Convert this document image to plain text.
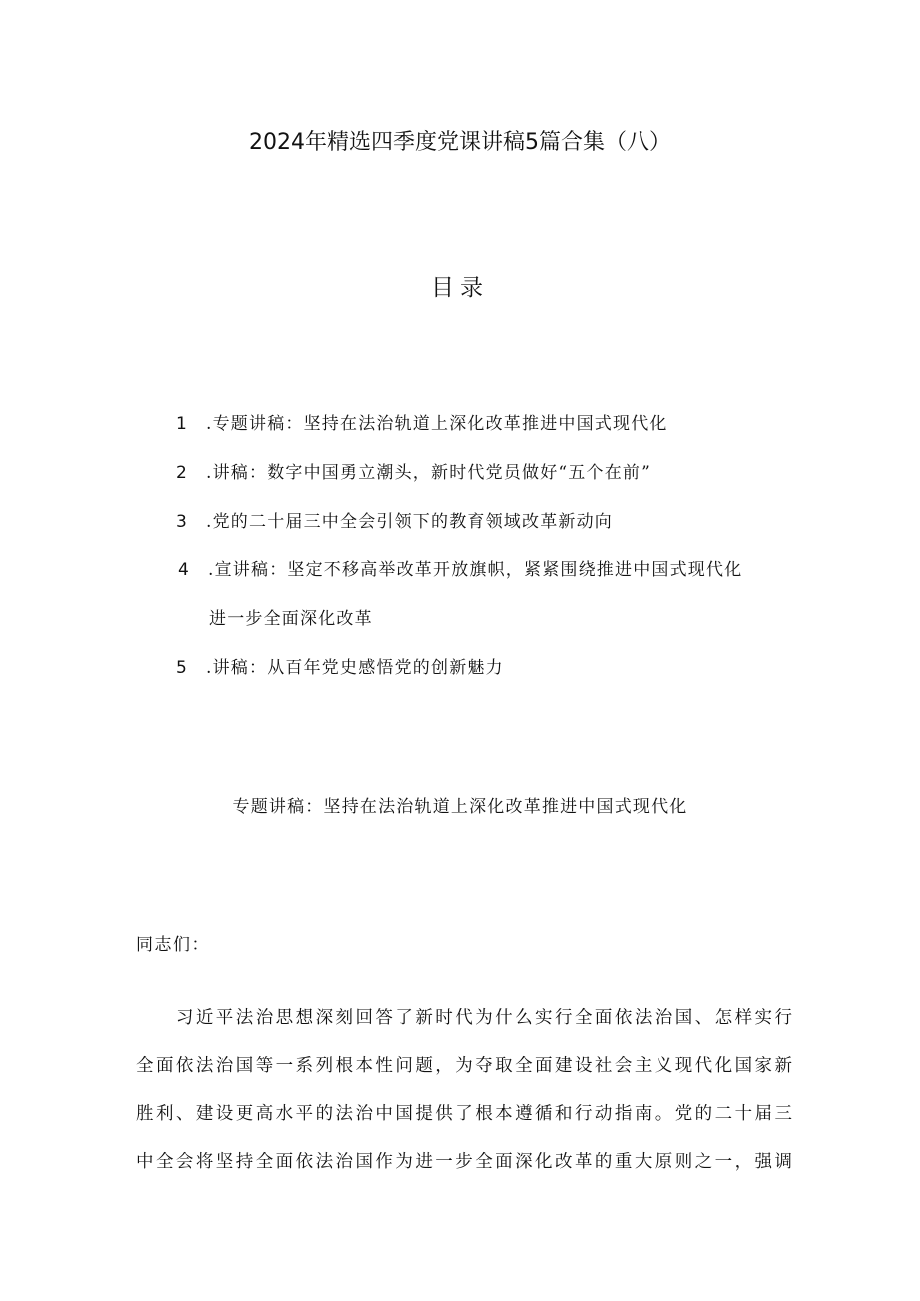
2024年精选四季度党课讲稿5篇合集（八）
目录
1 .专题讲稿：坚持在法治轨道上深化改革推进中国式现代化
2 .讲稿：数字中国勇立潮头，新时代党员做好“五个在前”
3 .党的二十届三中全会引领下的教育领域改革新动向
4 .宣讲稿：坚定不移高举改革开放旗帜，紧紧围绕推进中国式现代化
进一步全面深化改革
5 .讲稿：从百年党史感悟党的创新魅力
专题讲稿：坚持在法治轨道上深化改革推进中国式现代化
同志们：
　　习近平法治思想深刻回答了新时代为什么实行全面依法治国、怎样实行
全面依法治国等一系列根本性问题，为夺取全面建设社会主义现代化国家新
胜利、建设更高水平的法治中国提供了根本遵循和行动指南。党的二十届三
中全会将坚持全面依法治国作为进一步全面深化改革的重大原则之一，强调
